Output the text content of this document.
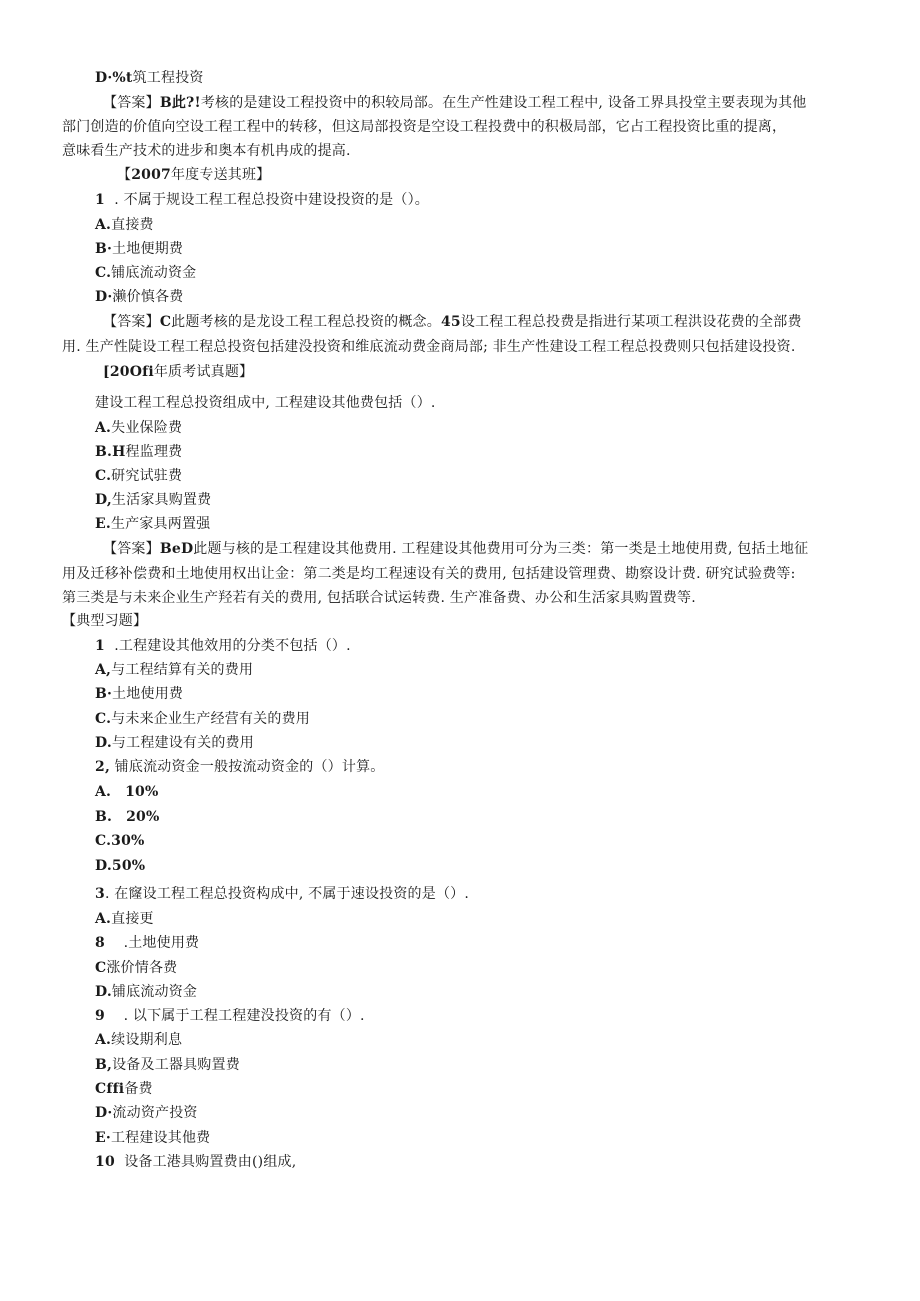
D·%t筑工程投资
【答案】B此?!考核的是建设工程投资中的积较局部。在生产性建设工程工程中, 设备工界具投堂主要表现为其他
部门创造的价值向空设工程工程中的转移，但这局部投资是空设工程投费中的积极局部，它占工程投资比重的提离，
意味看生产技术的进步和奥本有机冉成的提高.
【2007年度专送其班】
1 . 不属于规设工程工程总投资中建设投资的是（）。
A.直接费
B·土地便期费
C.铺底流动资金
D·濑价慎各费
【答案】C此题考核的是龙设工程工程总投资的概念。45设工程工程总投费是指进行某项工程洪设花费的全部费
用. 生产性陡设工程工程总投资包括建没投资和维底流动费金商局部; 非生产性建设工程工程总投费则只包括建设投资.
[20Ofi年质考试真题】
建设工程工程总投资组成中, 工程建设其他费包括（）.
A.失业保险费
B.H程监理费
C.研究试驻费
D,生活家具购置费
E.生产家具两置强
【答案】BeD此题与核的是工程建设其他费用. 工程建设其他费用可分为三类：第一类是土地使用费, 包括土地征
用及迁移补偿费和土地使用权出让金：第二类是均工程速设有关的费用, 包括建设管理费、勘察设计费. 研究试验费等:
第三类是与未来企业生产羟若有关的费用, 包括联合试运转费. 生产准备费、办公和生活家具购置费等.
【典型习题】
1 .工程建设其他效用的分类不包括（）.
A,与工程结算有关的费用
B·土地使用费
C.与未来企业生产经营有关的费用
D.与工程建设有关的费用
2, 铺底流动资金一般按流动资金的（）计算。
A. 10%
B. 20%
C.30%
D.50%
3. 在窿设工程工程总投资构成中, 不属于速设投资的是（）.
A.直接更
8 .土地使用费
C涨价情各费
D.铺底流动资金
9 . 以下属于工程工程建没投资的有（）.
A.续设期利息
B,设备及工器具购置费
Cffi备费
D·流动资产投资
E·工程建设其他费
10 设备工港具购置费由()组成,
